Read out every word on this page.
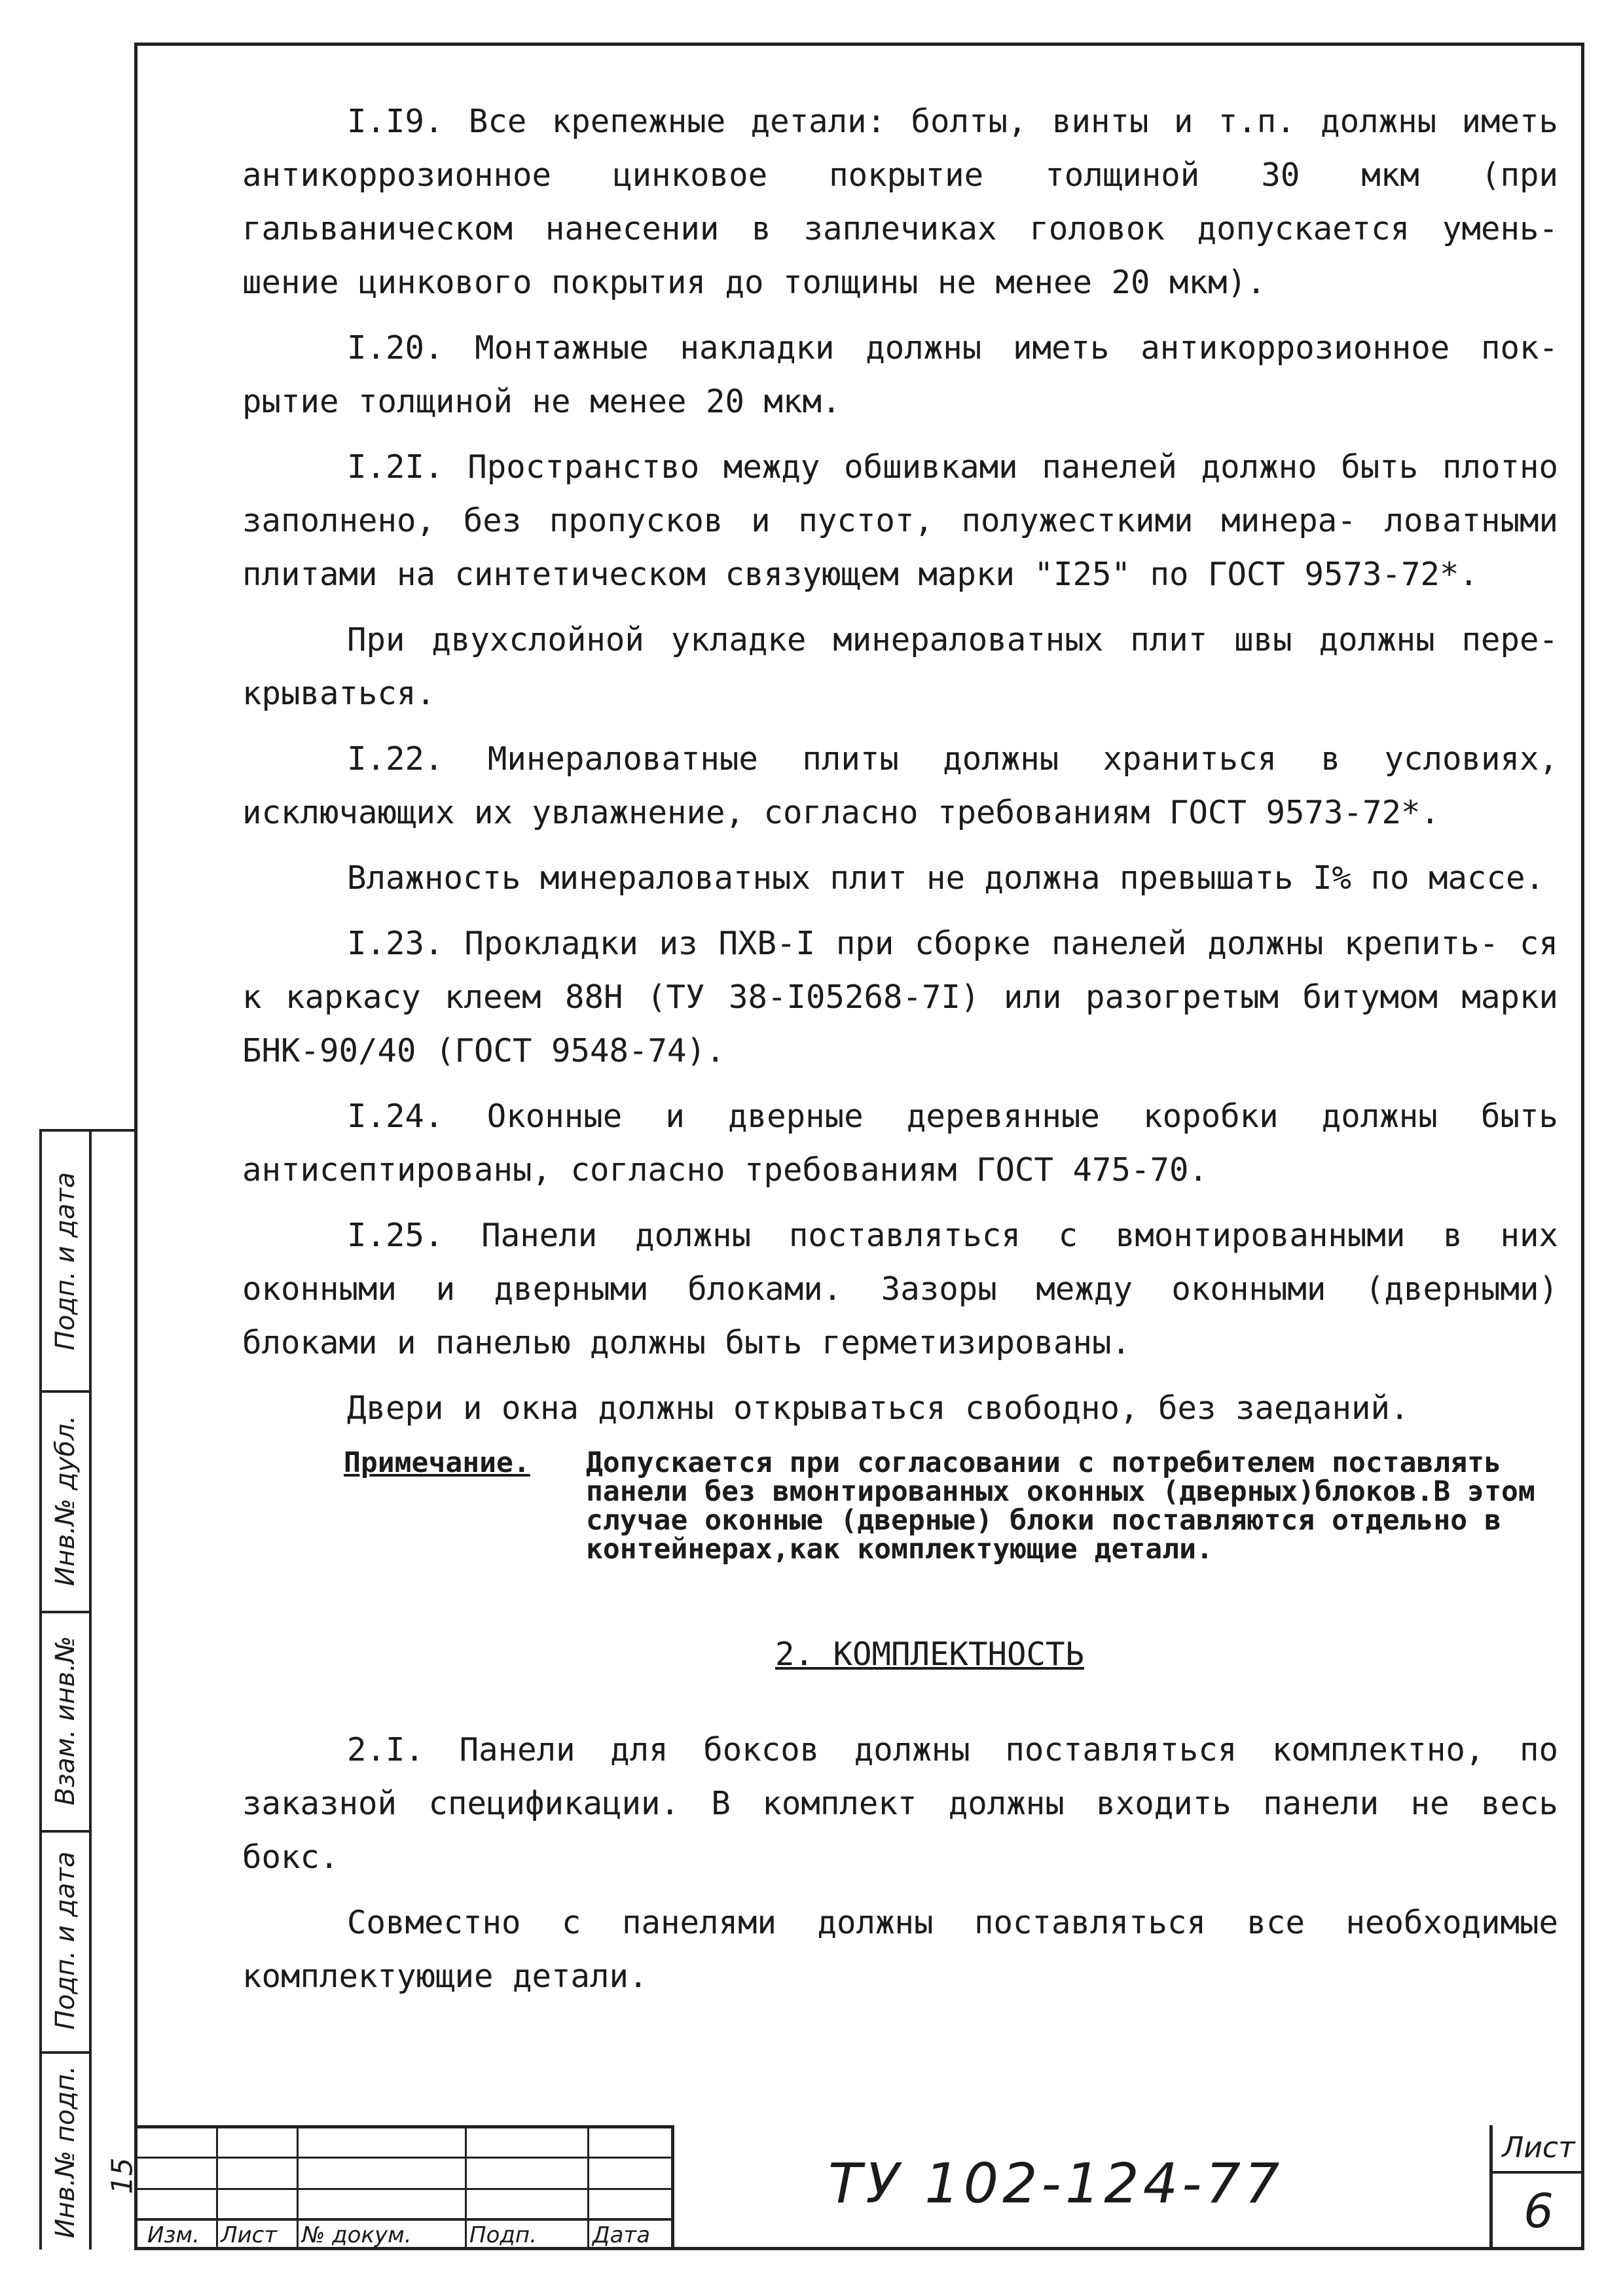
I.I9. Все крепежные детали: болты, винты и т.п. должны иметь антикоррозионное цинковое покрытие толщиной 30 мкм (при гальваническом нанесении в заплечиках головок допускается умень- шение цинкового покрытия до толщины не менее 20 мкм).

I.20. Монтажные накладки должны иметь антикоррозионное пок- рытие толщиной не менее 20 мкм.

I.2I. Пространство между обшивками панелей должно быть плотно заполнено, без пропусков и пустот, полужесткими минера- ловатными плитами на синтетическом связующем марки "I25" по ГОСТ 9573-72*.

При двухслойной укладке минераловатных плит швы должны пере- крываться.

I.22. Минераловатные плиты должны храниться в условиях, исключающих их увлажнение, согласно требованиям ГОСТ 9573-72*.

Влажность минераловатных плит не должна превышать I% по массе.

I.23. Прокладки из ПХВ-I при сборке панелей должны крепить- ся к каркасу клеем 88Н (ТУ 38-I05268-7I) или разогретым битумом марки БНК-90/40 (ГОСТ 9548-74).

I.24. Оконные и дверные деревянные коробки должны быть антисептированы, согласно требованиям ГОСТ 475-70.

I.25. Панели должны поставляться с вмонтированными в них оконными и дверными блоками. Зазоры между оконными (дверными) блоками и панелью должны быть герметизированы.

Двери и окна должны открываться свободно, без заеданий.

Примечание.	Допускается при согласовании с потребителем поставлять панели без вмонтированных оконных (дверных)блоков.В этом случае оконные (дверные) блоки поставляются отдельно в контейнерах,как комплектующие детали.
2. КОМПЛЕКТНОСТЬ

2.I. Панели для боксов должны поставляться комплектно, по заказной спецификации. В комплект должны входить панели не весь бокс.

Совместно с панелями должны поставляться все необходимые комплектующие детали.

Подп. и дата
Инв.№ дубл.
Взам. инв.№
Подп. и дата
Инв.№ подп. 15
Изм. Лист № докум.	Подп.	Дата
ТУ 102-124-77
Лист
6
